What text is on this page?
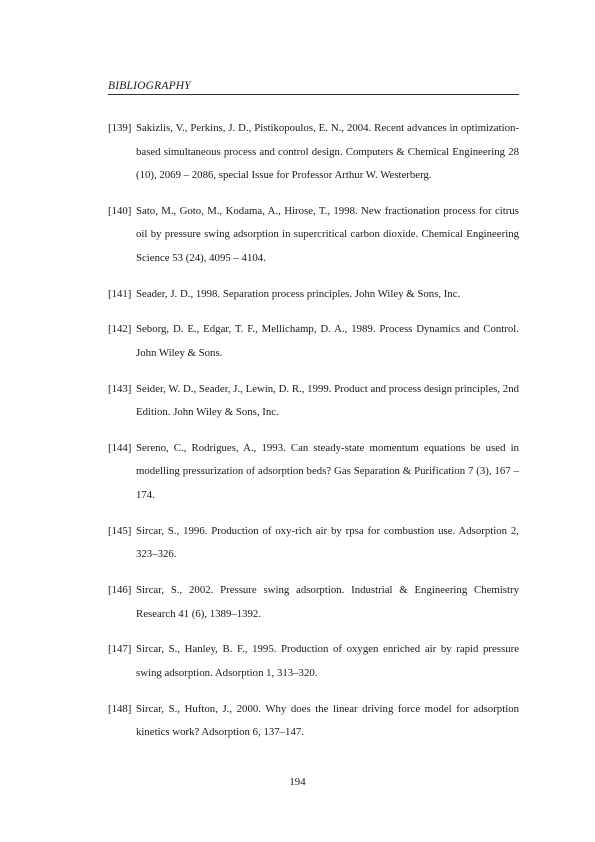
BIBLIOGRAPHY
[139] Sakizlis, V., Perkins, J. D., Pistikopoulos, E. N., 2004. Recent advances in optimization-based simultaneous process and control design. Computers & Chemical Engineering 28 (10), 2069 – 2086, special Issue for Professor Arthur W. Westerberg.
[140] Sato, M., Goto, M., Kodama, A., Hirose, T., 1998. New fractionation process for citrus oil by pressure swing adsorption in supercritical carbon dioxide. Chemical Engineering Science 53 (24), 4095 – 4104.
[141] Seader, J. D., 1998. Separation process principles. John Wiley & Sons, Inc.
[142] Seborg, D. E., Edgar, T. F., Mellichamp, D. A., 1989. Process Dynamics and Control. John Wiley & Sons.
[143] Seider, W. D., Seader, J., Lewin, D. R., 1999. Product and process design principles, 2nd Edition. John Wiley & Sons, Inc.
[144] Sereno, C., Rodrigues, A., 1993. Can steady-state momentum equations be used in modelling pressurization of adsorption beds? Gas Separation & Purification 7 (3), 167 – 174.
[145] Sircar, S., 1996. Production of oxy-rich air by rpsa for combustion use. Adsorption 2, 323–326.
[146] Sircar, S., 2002. Pressure swing adsorption. Industrial & Engineering Chemistry Research 41 (6), 1389–1392.
[147] Sircar, S., Hanley, B. F., 1995. Production of oxygen enriched air by rapid pressure swing adsorption. Adsorption 1, 313–320.
[148] Sircar, S., Hufton, J., 2000. Why does the linear driving force model for adsorption kinetics work? Adsorption 6, 137–147.
194
